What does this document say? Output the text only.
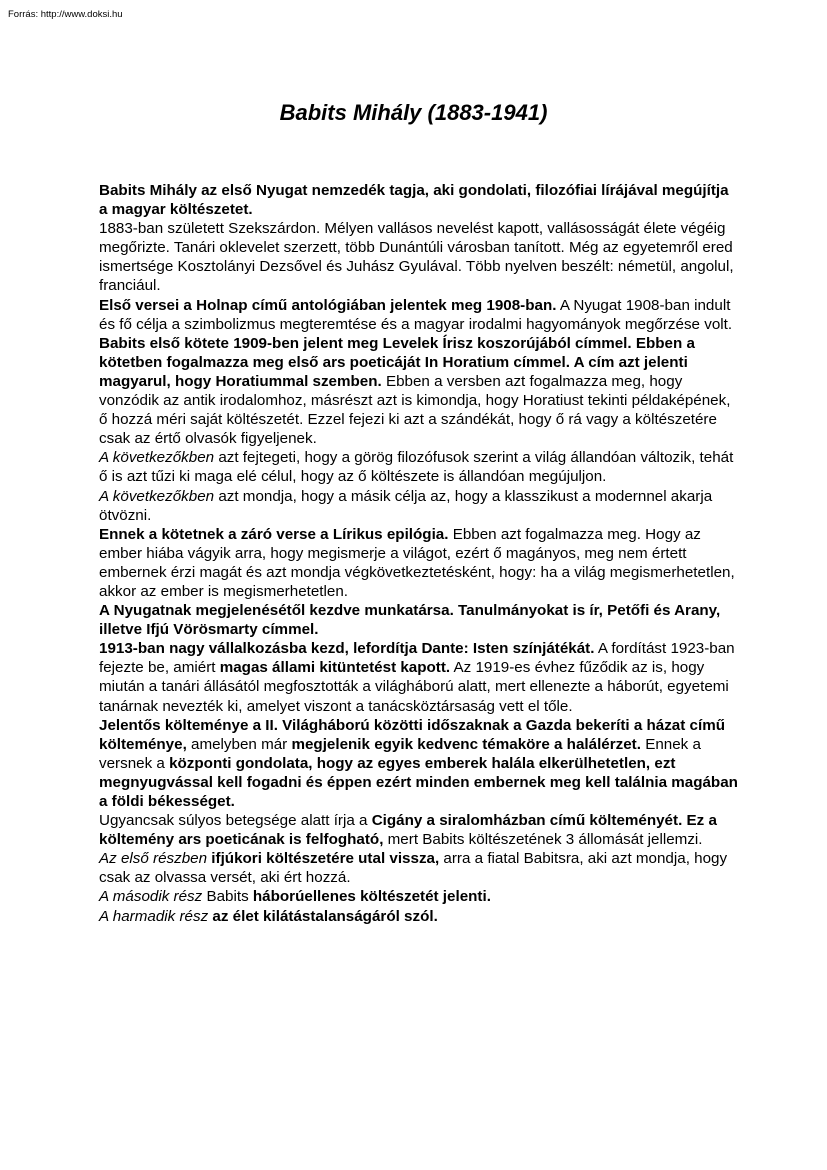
Forrás: http://www.doksi.hu
Babits Mihály (1883-1941)

Babits Mihály az első Nyugat nemzedék tagja, aki gondolati, filozófiai lírájával megújítja a magyar költészetet.

1883-ban született Szekszárdon. Mélyen vallásos nevelést kapott, vallásosságát élete végéig megőrizte. Tanári oklevelet szerzett, több Dunántúli városban tanított. Még az egyetemről ered ismertsége Kosztolányi Dezsővel és Juhász Gyulával. Több nyelven beszélt: németül, angolul, franciául.

Első versei a Holnap című antológiában jelentek meg 1908-ban. A Nyugat 1908-ban indult és fő célja a szimbolizmus megteremtése és a magyar irodalmi hagyományok megőrzése volt.

Babits első kötete 1909-ben jelent meg Levelek Írisz koszorújából címmel. Ebben a kötetben fogalmazza meg első ars poeticáját In Horatium címmel. A cím azt jelenti magyarul, hogy Horatiummal szemben. Ebben a versben azt fogalmazza meg, hogy vonzódik az antik irodalomhoz, másrészt azt is kimondja, hogy Horatiust tekinti példaképének, ő hozzá méri saját költészetét. Ezzel fejezi ki azt a szándékát, hogy ő rá vagy a költészetére csak az értő olvasók figyeljenek.

A következőkben azt fejtegeti, hogy a görög filozófusok szerint a világ állandóan változik, tehát ő is azt tűzi ki maga elé célul, hogy az ő költészete is állandóan megújuljon.

A következőkben azt mondja, hogy a másik célja az, hogy a klasszikust a modernnel akarja ötvözni.

Ennek a kötetnek a záró verse a Lírikus epilógia. Ebben azt fogalmazza meg. Hogy az ember hiába vágyik arra, hogy megismerje a világot, ezért ő magányos, meg nem értett embernek érzi magát és azt mondja végkövetkeztetésként, hogy: ha a világ megismerhetetlen, akkor az ember is megismerhetetlen.

A Nyugatnak megjelenésétől kezdve munkatársa. Tanulmányokat is ír, Petőfi és Arany, illetve Ifjú Vörösmarty címmel.

1913-ban nagy vállalkozásba kezd, lefordítja Dante: Isten színjátékát. A fordítást 1923-ban fejezte be, amiért magas állami kitüntetést kapott. Az 1919-es évhez fűződik az is, hogy miután a tanári állásától megfosztották a világháború alatt, mert ellenezte a háborút, egyetemi tanárnak nevezték ki, amelyet viszont a tanácsköztársaság vett el tőle.

Jelentős költeménye a II. Világháború közötti időszaknak a Gazda bekeríti a házat című költeménye, amelyben már megjelenik egyik kedvenc témaköre a halálérzet. Ennek a versnek a központi gondolata, hogy az egyes emberek halála elkerülhetetlen, ezt megnyugvással kell fogadni és éppen ezért minden embernek meg kell találnia magában a földi békességet.

Ugyancsak súlyos betegsége alatt írja a Cigány a siralomházban című költeményét. Ez a költemény ars poeticának is felfogható, mert Babits költészetének 3 állomását jellemzi.

Az első részben ifjúkori költészetére utal vissza, arra a fiatal Babitsra, aki azt mondja, hogy csak az olvassa versét, aki ért hozzá.

A második rész Babits háborúellenes költészetét jelenti.

A harmadik rész az élet kilátástalanságáról szól.
